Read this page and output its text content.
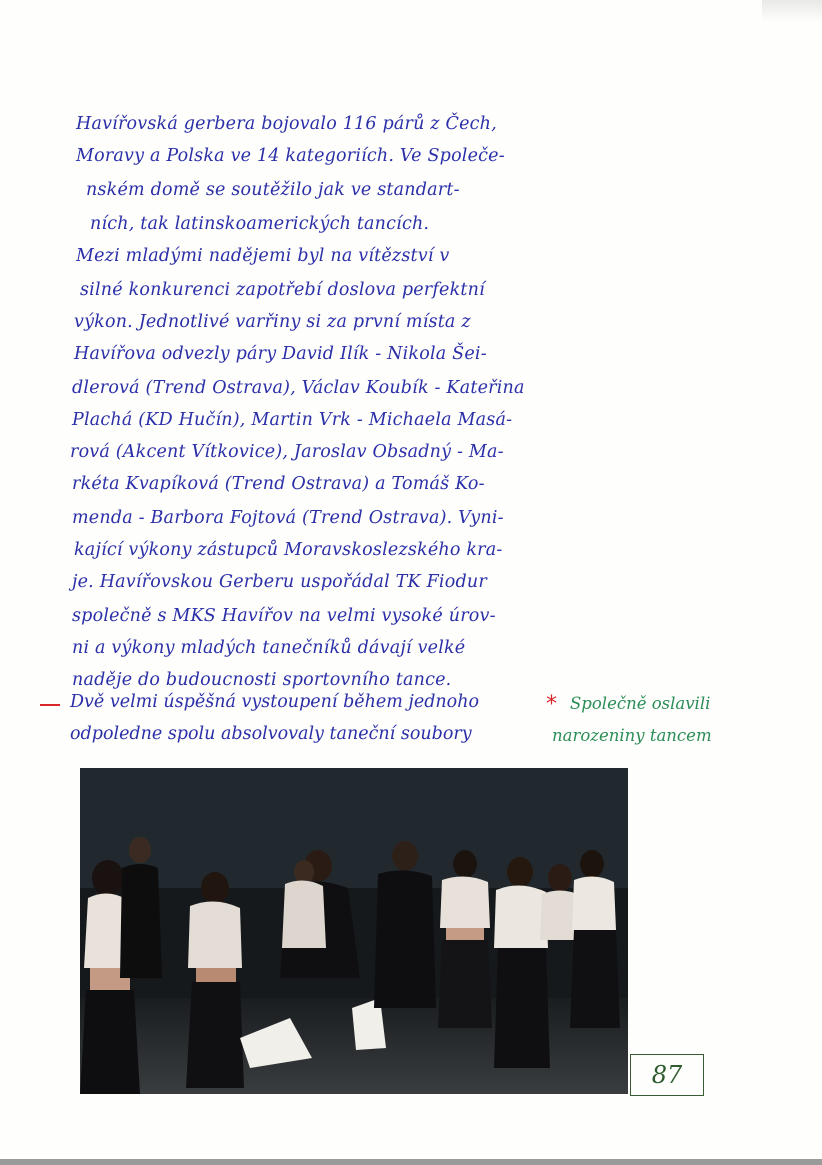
Havířovská gerbera bojovalo 116 párů z Čech,
Moravy a Polska ve 14 kategoriích. Ve Společe-
nském domě se soutěžilo jak ve standart-
ních, tak latinskoamerických tancích.
Mezi mladými nadějemi byl na vítězství v
silné konkurenci zapotřebí doslova perfektní
výkon. Jednotlivé varřiny si za první místa z
Havířova odvezly páry David Ilík - Nikola Šei-
dlerová (Trend Ostrava), Václav Koubík - Kateřina
Plachá (KD Hučín), Martin Vrk - Michaela Masá-
rová (Akcent Vítkovice), Jaroslav Obsadný - Ma-
rkéta Kvapíková (Trend Ostrava) a Tomáš Ko-
menda - Barbora Fojtová (Trend Ostrava). Vyni-
kající výkony zástupců Moravskoslezského kra-
je. Havířovskou Gerberu uspořádal TK Fiodur
společně s MKS Havířov na velmi vysoké úrov-
ni a výkony mladých tanečníků dávají velké
naděje do budoucnosti sportovního tance.
Dvě velmi úspěšná vystoupení během jednoho
odpoledne spolu absolvovaly taneční soubory
* Společně oslavili
narozeniny tancem
87
